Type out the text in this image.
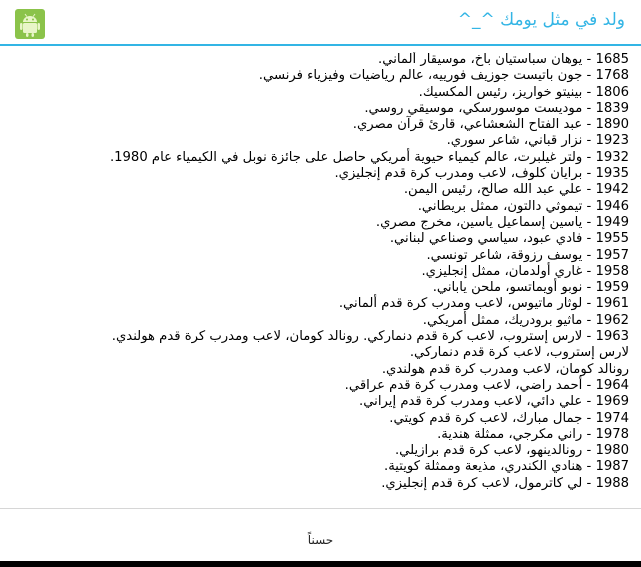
ولد في مثل يومك ^_^
1685 - يوهان سباستيان باخ، موسيقار ألماني.
1768 - جون باتيست جوزيف فورييه، عالم رياضيات وفيزياء فرنسي.
1806 - بينيتو خواريز، رئيس المكسيك.
1839 - موديست موسورسكي، موسيقي روسي.
1890 - عبد الفتاح الشعشاعي، قارئ قرآن مصري.
1923 - نزار قباني، شاعر سوري.
1932 - ولتر غيلبرت، عالم كيمياء حيوية أمريكي حاصل على جائزة نوبل في الكيمياء عام 1980.
1935 - برايان كلوف، لاعب ومدرب كرة قدم إنجليزي.
1942 - علي عبد الله صالح، رئيس اليمن.
1946 - تيموثي دالتون، ممثل بريطاني.
1949 - ياسين إسماعيل ياسين، مخرج مصري.
1955 - فادي عبود، سياسي وصناعي لبناني.
1957 - يوسف رزوقة، شاعر تونسي.
1958 - غاري أولدمان، ممثل إنجليزي.
1959 - نوبو أويماتسو، ملحن ياباني.
1961 - لوثار ماتيوس، لاعب ومدرب كرة قدم ألماني.
1962 - ماثيو برودريك، ممثل أمريكي.
1963 - لارس إستروب، لاعب كرة قدم دنماركي. رونالد كومان، لاعب ومدرب كرة قدم هولندي.
لارس إستروب، لاعب كرة قدم دنماركي.
رونالد كومان، لاعب ومدرب كرة قدم هولندي.
1964 - أحمد راضي، لاعب ومدرب كرة قدم عراقي.
1969 - علي دائي، لاعب ومدرب كرة قدم إيراني.
1974 - جمال مبارك، لاعب كرة قدم كويتي.
1978 - راني مكرجي، ممثلة هندية.
1980 - رونالدينهو، لاعب كرة قدم برازيلي.
1987 - هنادي الكندري، مذيعة وممثلة كويتية.
1988 - لي كاترمول، لاعب كرة قدم إنجليزي.
حسناً
